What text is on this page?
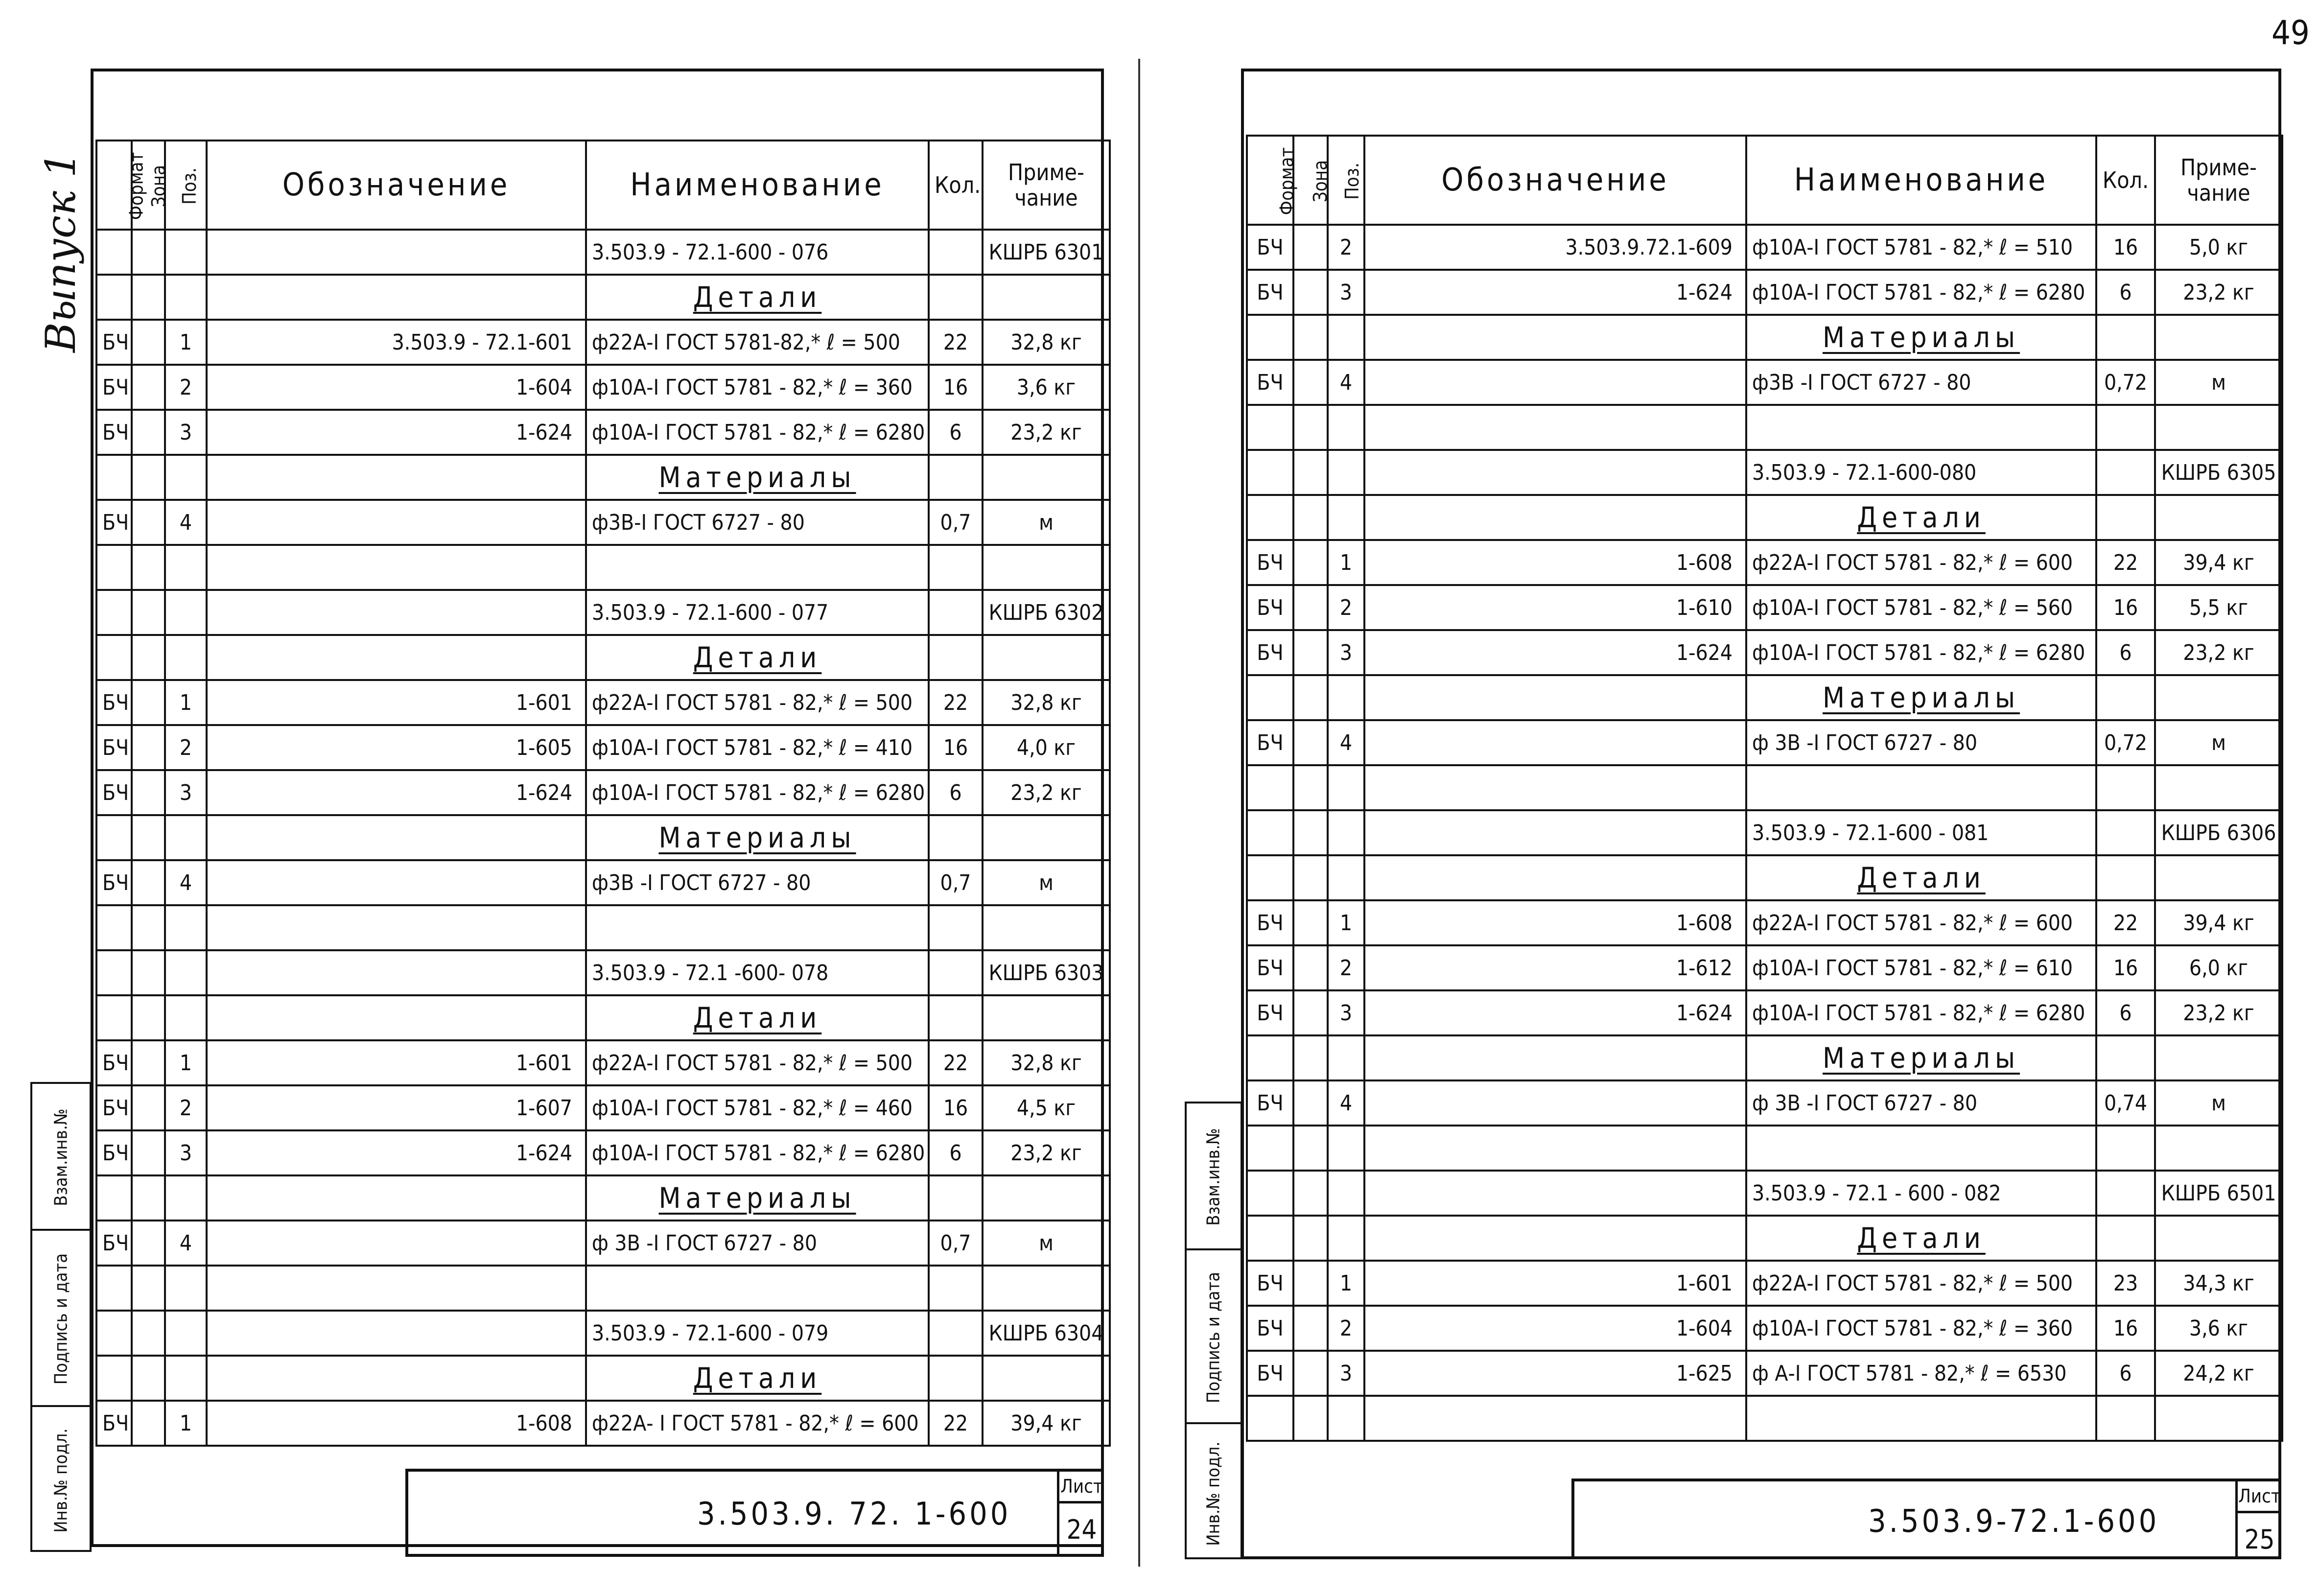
49
Выпуск 1 Формат	Зона	Поз.	Обозначение	Наименование	Кол.	Приме-
чание

				3.503.9 - 72.1-600 - 076		КШРБ 6301
				Детали		
БЧ		1	3.503.9 - 72.1-601	ф22А-I ГОСТ 5781-82,* ℓ = 500	22	32,8 кг
БЧ		2	1-604	ф10А-I ГОСТ 5781 - 82,* ℓ = 360	16	3,6 кг
БЧ		3	1-624	ф10А-I ГОСТ 5781 - 82,* ℓ = 6280	6	23,2 кг
				Материалы		
БЧ		4		ф3В-I ГОСТ 6727 - 80	0,7	м

				3.503.9 - 72.1-600 - 077		КШРБ 6302
				Детали		
БЧ		1	1-601	ф22А-I ГОСТ 5781 - 82,* ℓ = 500	22	32,8 кг
БЧ		2	1-605	ф10А-I ГОСТ 5781 - 82,* ℓ = 410	16	4,0 кг
БЧ		3	1-624	ф10А-I ГОСТ 5781 - 82,* ℓ = 6280	6	23,2 кг
				Материалы		
БЧ		4		ф3В -I ГОСТ 6727 - 80	0,7	м

				3.503.9 - 72.1 -600- 078		КШРБ 6303
				Детали		
БЧ		1	1-601	ф22А-I ГОСТ 5781 - 82,* ℓ = 500	22	32,8 кг
БЧ		2	1-607	ф10А-I ГОСТ 5781 - 82,* ℓ = 460	16	4,5 кг
БЧ		3	1-624	ф10А-I ГОСТ 5781 - 82,* ℓ = 6280	6	23,2 кг
				Материалы		
БЧ		4		ф 3В -I ГОСТ 6727 - 80	0,7	м

				3.503.9 - 72.1-600 - 079		КШРБ 6304
				Детали		
БЧ		1	1-608	ф22А- I ГОСТ 5781 - 82,* ℓ = 600	22	39,4 кг
3.503.9. 72. 1-600
Лист
24
Взам.инв.№
Подпись и дата
Инв.№ подл.
Формат	Зона	Поз.	Обозначение	Наименование	Кол.	Приме-
чание

БЧ		2	3.503.9.72.1-609	ф10А-I ГОСТ 5781 - 82,* ℓ = 510	16	5,0 кг
БЧ		3	1-624	ф10А-I ГОСТ 5781 - 82,* ℓ = 6280	6	23,2 кг
				Материалы		
БЧ		4		ф3В -I ГОСТ 6727 - 80	0,72	м

				3.503.9 - 72.1-600-080		КШРБ 6305
				Детали		
БЧ		1	1-608	ф22А-I ГОСТ 5781 - 82,* ℓ = 600	22	39,4 кг
БЧ		2	1-610	ф10А-I ГОСТ 5781 - 82,* ℓ = 560	16	5,5 кг
БЧ		3	1-624	ф10А-I ГОСТ 5781 - 82,* ℓ = 6280	6	23,2 кг
				Материалы		
БЧ		4		ф 3В -I ГОСТ 6727 - 80	0,72	м

				3.503.9 - 72.1-600 - 081		КШРБ 6306
				Детали		
БЧ		1	1-608	ф22А-I ГОСТ 5781 - 82,* ℓ = 600	22	39,4 кг
БЧ		2	1-612	ф10А-I ГОСТ 5781 - 82,* ℓ = 610	16	6,0 кг
БЧ		3	1-624	ф10А-I ГОСТ 5781 - 82,* ℓ = 6280	6	23,2 кг
				Материалы		
БЧ		4		ф 3В -I ГОСТ 6727 - 80	0,74	м

				3.503.9 - 72.1 - 600 - 082		КШРБ 6501
				Детали		
БЧ		1	1-601	ф22А-I ГОСТ 5781 - 82,* ℓ = 500	23	34,3 кг
БЧ		2	1-604	ф10А-I ГОСТ 5781 - 82,* ℓ = 360	16	3,6 кг
БЧ		3	1-625	ф А-I ГОСТ 5781 - 82,* ℓ = 6530	6	24,2 кг

3.503.9-72.1-600
Лист
25
Взам.инв.№
Подпись и дата
Инв.№ подл.
